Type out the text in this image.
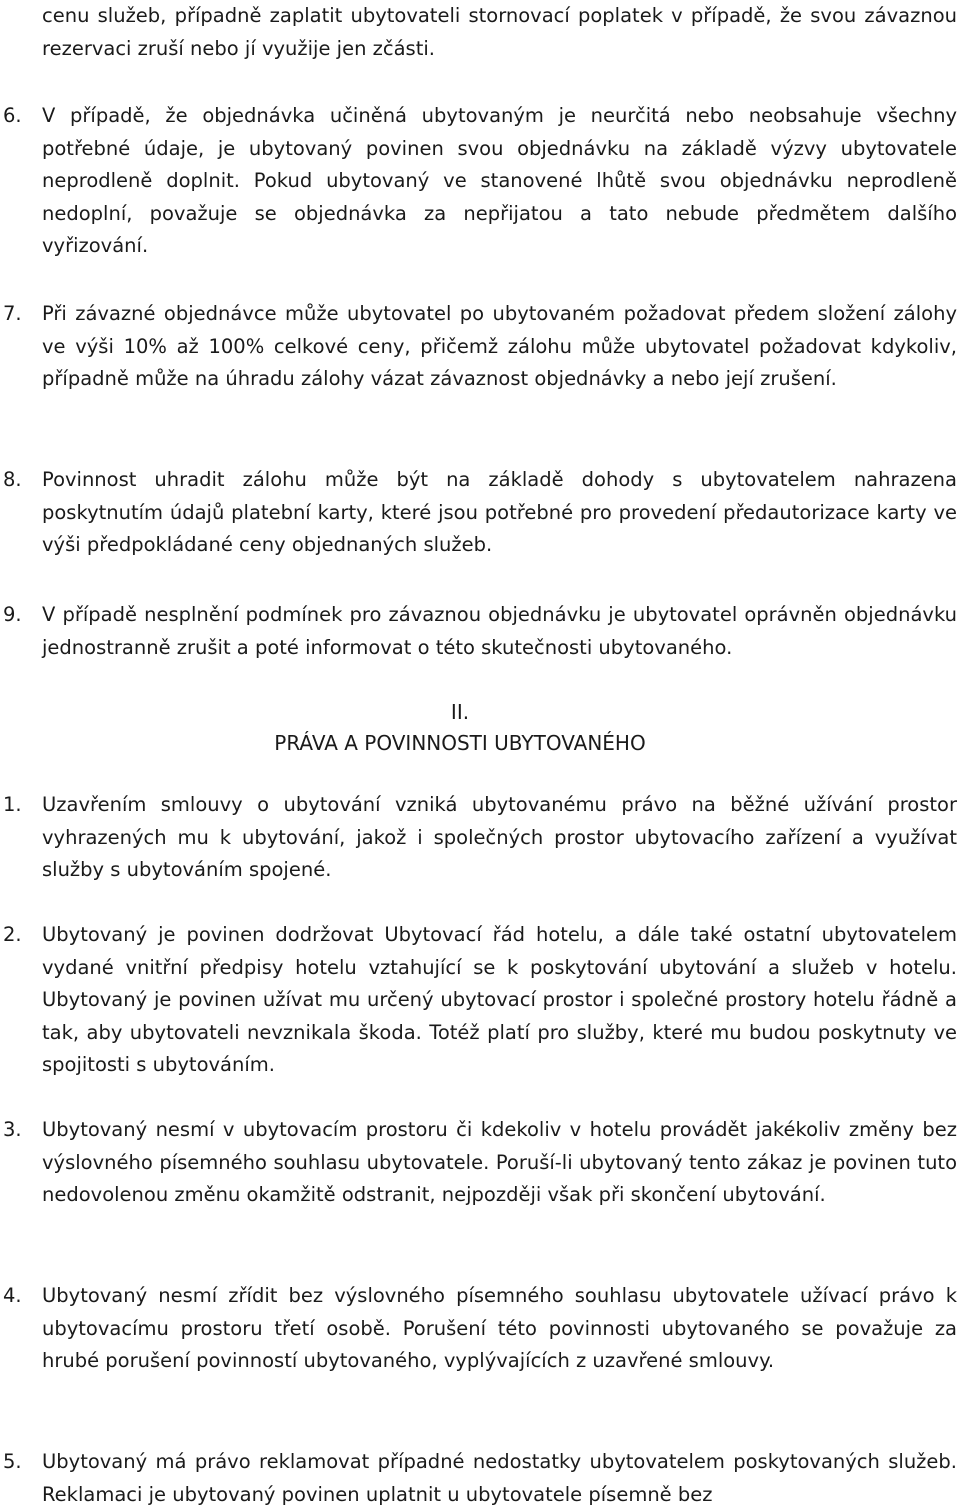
cenu služeb, případně zaplatit ubytovateli stornovací poplatek v případě, že svou závaznou rezervaci zruší nebo jí využije jen zčásti.

6.	V případě, že objednávka učiněná ubytovaným je neurčitá nebo neobsahuje všechny potřebné údaje, je ubytovaný povinen svou objednávku na základě výzvy ubytovatele neprodleně doplnit. Pokud ubytovaný ve stanovené lhůtě svou objednávku neprodleně nedoplní, považuje se objednávka za nepřijatou a tato nebude předmětem dalšího vyřizování.

7.	Při závazné objednávce může ubytovatel po ubytovaném požadovat předem složení zálohy ve výši 10% až 100% celkové ceny, přičemž zálohu může ubytovatel požadovat kdykoliv, případně může na úhradu zálohy vázat závaznost objednávky a nebo její zrušení.

8.	Povinnost uhradit zálohu může být na základě dohody s ubytovatelem nahrazena poskytnutím údajů platební karty, které jsou potřebné pro provedení předautorizace karty ve výši předpokládané ceny objednaných služeb.

9.	V případě nesplnění podmínek pro závaznou objednávku je ubytovatel oprávněn objednávku jednostranně zrušit a poté informovat o této skutečnosti ubytovaného.

II.

PRÁVA A POVINNOSTI UBYTOVANÉHO

1.	Uzavřením smlouvy o ubytování vzniká ubytovanému právo na běžné užívání prostor vyhrazených mu k ubytování, jakož i společných prostor ubytovacího zařízení a využívat služby s ubytováním spojené.

2.	Ubytovaný je povinen dodržovat Ubytovací řád hotelu, a dále také ostatní ubytovatelem vydané vnitřní předpisy hotelu vztahující se k poskytování ubytování a služeb v hotelu. Ubytovaný je povinen užívat mu určený ubytovací prostor i společné prostory hotelu řádně a tak, aby ubytovateli nevznikala škoda. Totéž platí pro služby, které mu budou poskytnuty ve spojitosti s ubytováním.

3.	Ubytovaný nesmí v ubytovacím prostoru či kdekoliv v hotelu provádět jakékoliv změny bez výslovného písemného souhlasu ubytovatele. Poruší-li ubytovaný tento zákaz je povinen tuto nedovolenou změnu okamžitě odstranit, nejpozději však při skončení ubytování.

4.	Ubytovaný nesmí zřídit bez výslovného písemného souhlasu ubytovatele užívací právo k ubytovacímu prostoru třetí osobě. Porušení této povinnosti ubytovaného se považuje za hrubé porušení povinností ubytovaného, vyplývajících z uzavřené smlouvy.

5.	Ubytovaný má právo reklamovat případné nedostatky ubytovatelem poskytovaných služeb. Reklamaci je ubytovaný povinen uplatnit u ubytovatele písemně bez
